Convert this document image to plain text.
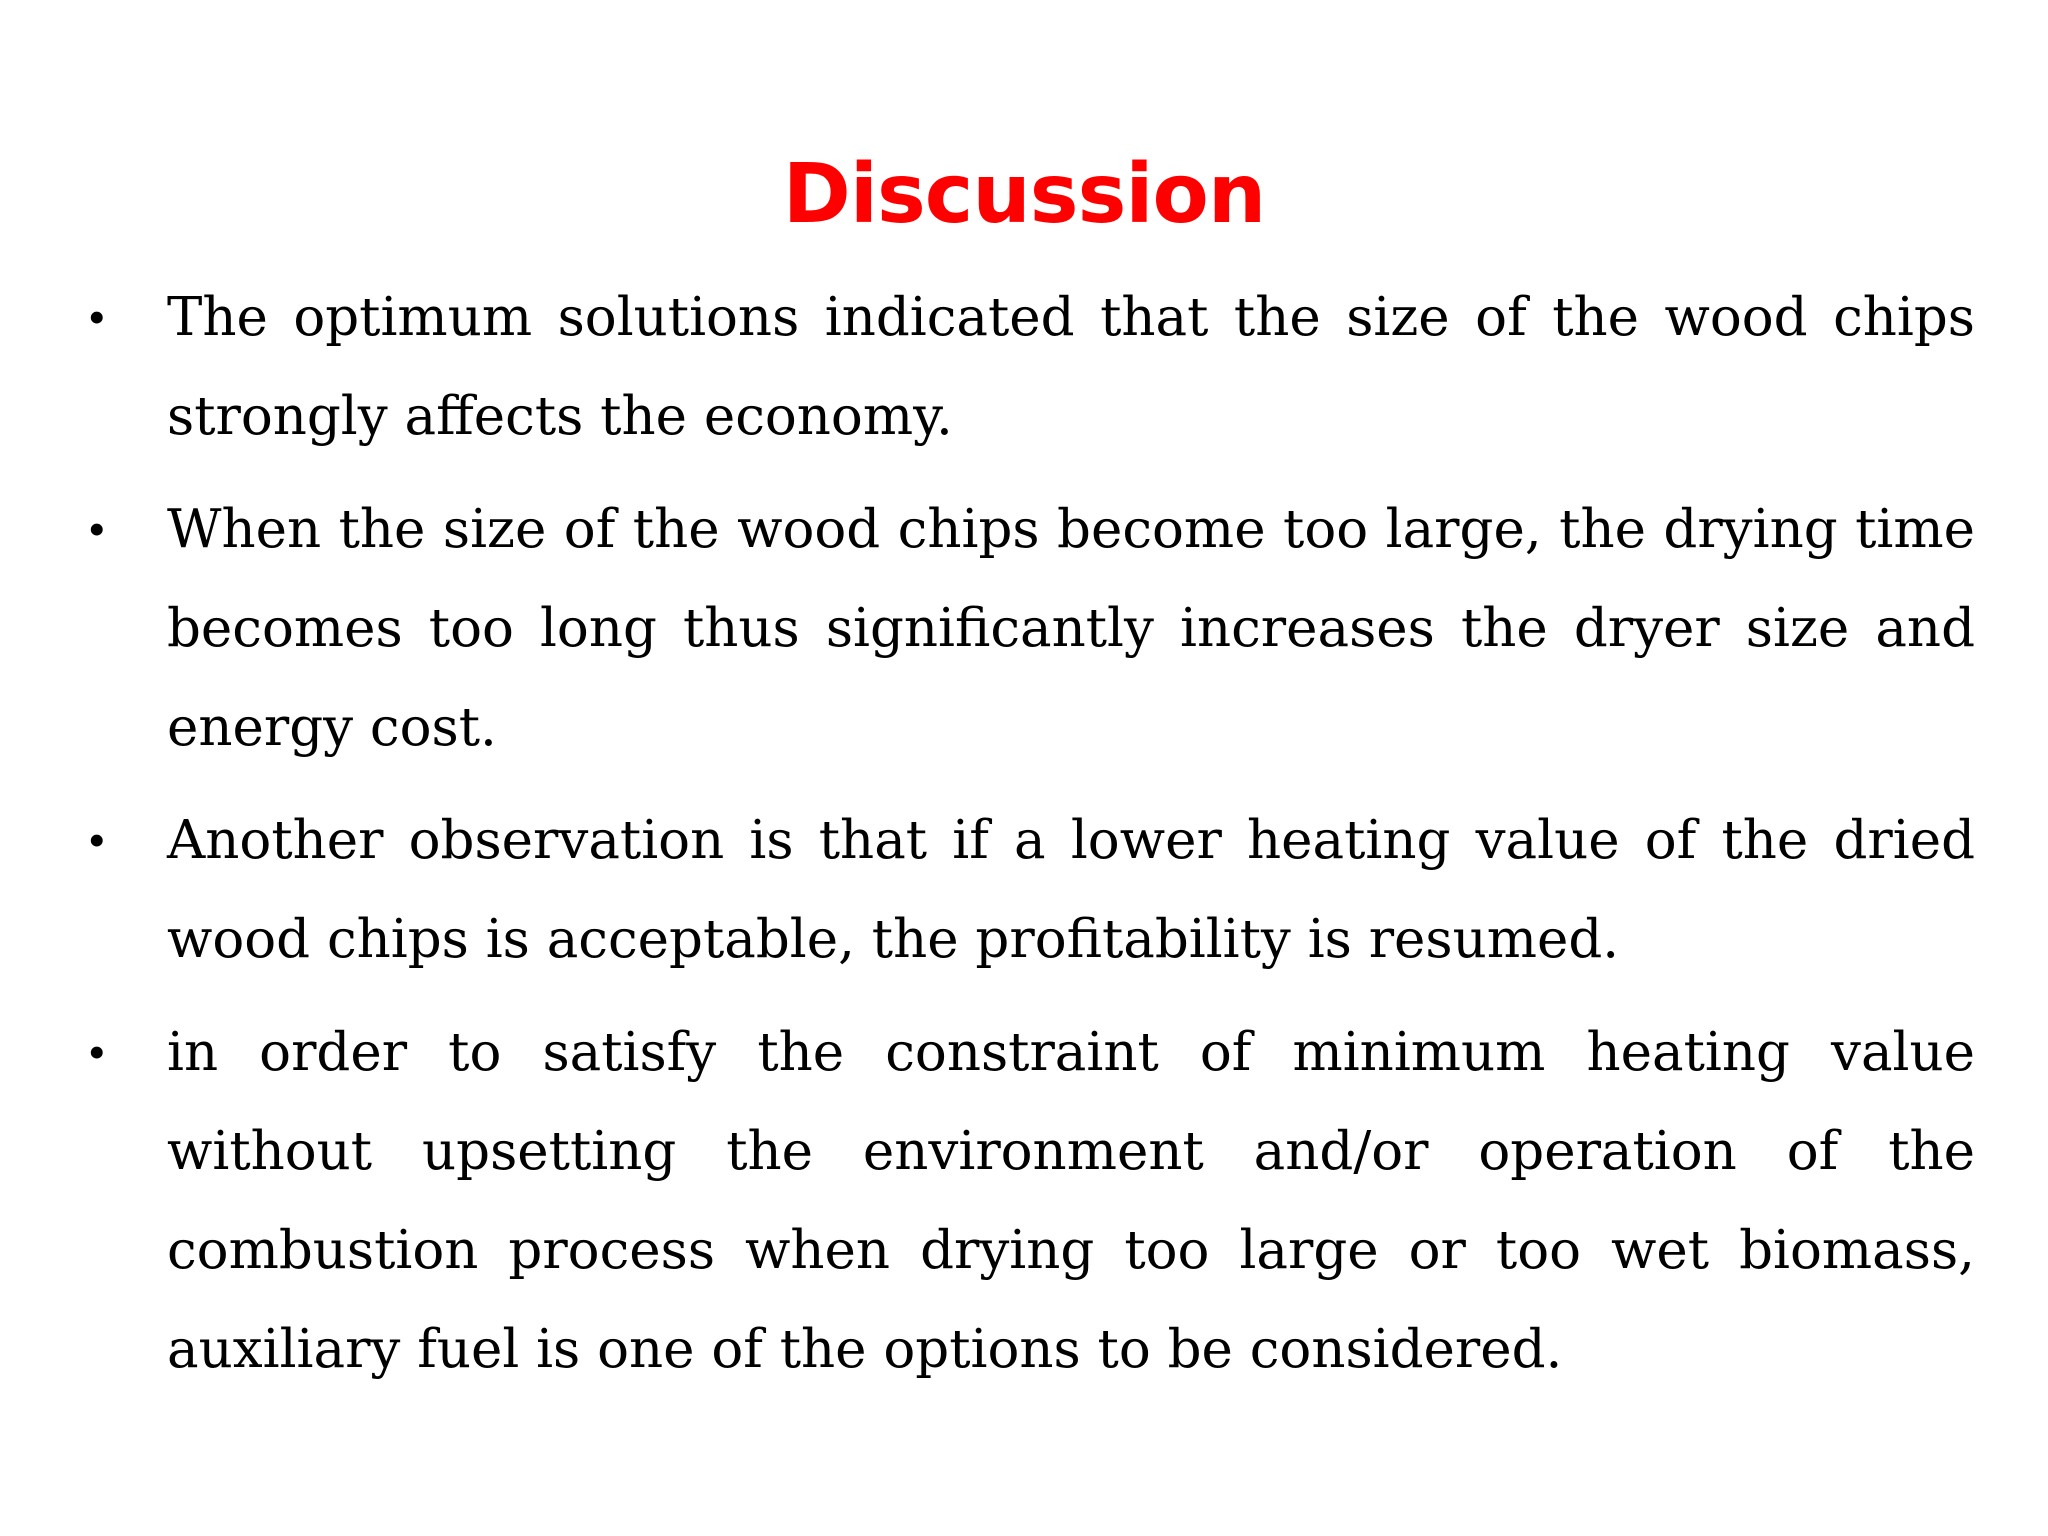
Discussion
• The optimum solutions indicated that the size of the wood chips strongly affects the economy.
• When the size of the wood chips become too large, the drying time becomes too long thus significantly increases the dryer size and energy cost.
• Another observation is that if a lower heating value of the dried wood chips is acceptable, the profitability is resumed.
• in order to satisfy the constraint of minimum heating value without upsetting the environment and/or operation of the combustion process when drying too large or too wet biomass, auxiliary fuel is one of the options to be considered.
